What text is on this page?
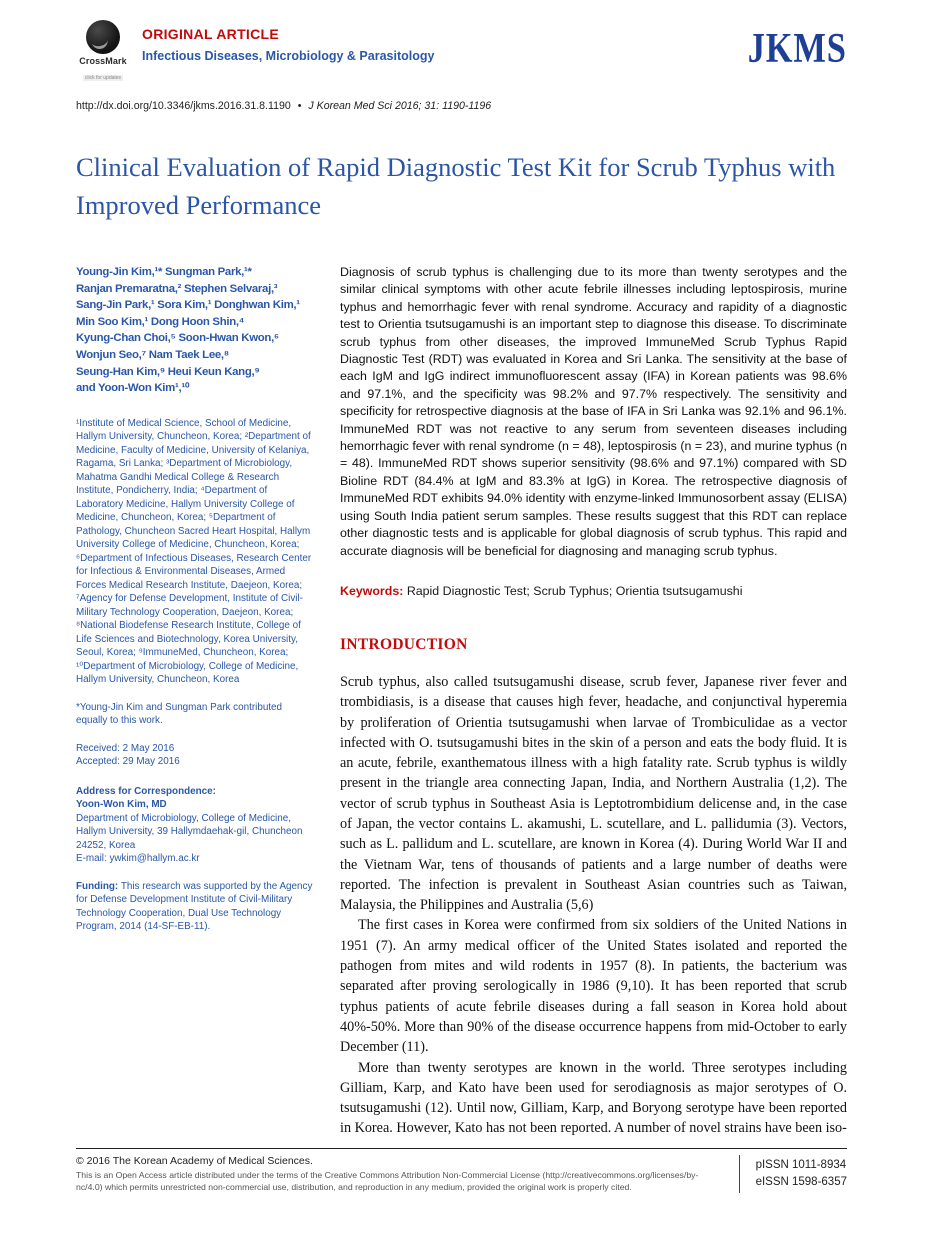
CrossMark
click for updates
ORIGINAL ARTICLE
Infectious Diseases, Microbiology & Parasitology	JKMS
http://dx.doi.org/10.3346/jkms.2016.31.8.1190 • J Korean Med Sci 2016; 31: 1190-1196
Clinical Evaluation of Rapid Diagnostic Test Kit for Scrub Typhus with Improved Performance
Young-Jin Kim,¹* Sungman Park,¹*
Ranjan Premaratna,² Stephen Selvaraj,³
Sang-Jin Park,¹ Sora Kim,¹ Donghwan Kim,¹
Min Soo Kim,¹ Dong Hoon Shin,⁴
Kyung-Chan Choi,⁵ Soon-Hwan Kwon,⁶
Wonjun Seo,⁷ Nam Taek Lee,⁸
Seung-Han Kim,⁹ Heui Keun Kang,⁹
and Yoon-Won Kim¹,¹⁰
¹Institute of Medical Science, School of Medicine, Hallym University, Chuncheon, Korea; ²Department of Medicine, Faculty of Medicine, University of Kelaniya, Ragama, Sri Lanka; ³Department of Microbiology, Mahatma Gandhi Medical College & Research Institute, Pondicherry, India; ⁴Department of Laboratory Medicine, Hallym University College of Medicine, Chuncheon, Korea; ⁵Department of Pathology, Chuncheon Sacred Heart Hospital, Hallym University College of Medicine, Chuncheon, Korea; ⁶Department of Infectious Diseases, Research Center for Infectious & Environmental Diseases, Armed Forces Medical Research Institute, Daejeon, Korea; ⁷Agency for Defense Development, Institute of Civil-Military Technology Cooperation, Daejeon, Korea; ⁸National Biodefense Research Institute, College of Life Sciences and Biotechnology, Korea University, Seoul, Korea; ⁹ImmuneMed, Chuncheon, Korea; ¹⁰Department of Microbiology, College of Medicine, Hallym University, Chuncheon, Korea
*Young-Jin Kim and Sungman Park contributed equally to this work.
Received: 2 May 2016
Accepted: 29 May 2016
Address for Correspondence:
Yoon-Won Kim, MD
Department of Microbiology, College of Medicine, Hallym University, 39 Hallymdaehak-gil, Chuncheon 24252, Korea
E-mail: ywkim@hallym.ac.kr
Funding: This research was supported by the Agency for Defense Development Institute of Civil-Military Technology Cooperation, Dual Use Technology Program, 2014 (14-SF-EB-11).

Diagnosis of scrub typhus is challenging due to its more than twenty serotypes and the similar clinical symptoms with other acute febrile illnesses including leptospirosis, murine typhus and hemorrhagic fever with renal syndrome. Accuracy and rapidity of a diagnostic test to Orientia tsutsugamushi is an important step to diagnose this disease. To discriminate scrub typhus from other diseases, the improved ImmuneMed Scrub Typhus Rapid Diagnostic Test (RDT) was evaluated in Korea and Sri Lanka. The sensitivity at the base of each IgM and IgG indirect immunofluorescent assay (IFA) in Korean patients was 98.6% and 97.1%, and the specificity was 98.2% and 97.7% respectively. The sensitivity and specificity for retrospective diagnosis at the base of IFA in Sri Lanka was 92.1% and 96.1%. ImmuneMed RDT was not reactive to any serum from seventeen diseases including hemorrhagic fever with renal syndrome (n = 48), leptospirosis (n = 23), and murine typhus (n = 48). ImmuneMed RDT shows superior sensitivity (98.6% and 97.1%) compared with SD Bioline RDT (84.4% at IgM and 83.3% at IgG) in Korea. The retrospective diagnosis of ImmuneMed RDT exhibits 94.0% identity with enzyme-linked Immunosorbent assay (ELISA) using South India patient serum samples. These results suggest that this RDT can replace other diagnostic tests and is applicable for global diagnosis of scrub typhus. This rapid and accurate diagnosis will be beneficial for diagnosing and managing scrub typhus.

Keywords: Rapid Diagnostic Test; Scrub Typhus; Orientia tsutsugamushi

INTRODUCTION

Scrub typhus, also called tsutsugamushi disease, scrub fever, Japanese river fever and trombidiasis, is a disease that causes high fever, headache, and conjunctival hyperemia by proliferation of Orientia tsutsugamushi when larvae of Trombiculidae as a vector infected with O. tsutsugamushi bites in the skin of a person and eats the body fluid. It is an acute, febrile, exanthematous illness with a high fatality rate. Scrub typhus is wildly present in the triangle area connecting Japan, India, and Northern Australia (1,2). The vector of scrub typhus in Southeast Asia is Leptotrombidium delicense and, in the case of Japan, the vector contains L. akamushi, L. scutellare, and L. pallidumia (3). Vectors, such as L. pallidum and L. scutellare, are known in Korea (4). During World War II and the Vietnam War, tens of thousands of patients and a large number of deaths were reported. The infection is prevalent in Southeast Asian countries such as Taiwan, Malaysia, the Philippines and Australia (5,6)

The first cases in Korea were confirmed from six soldiers of the United Nations in 1951 (7). An army medical officer of the United States isolated and reported the pathogen from mites and wild rodents in 1957 (8). In patients, the bacterium was separated after proving serologically in 1986 (9,10). It has been reported that scrub typhus patients of acute febrile diseases during a fall season in Korea hold about 40%-50%. More than 90% of the disease occurrence happens from mid-October to early December (11).

More than twenty serotypes are known in the world. Three serotypes including Gilliam, Karp, and Kato have been used for serodiagnosis as major serotypes of O. tsutsugamushi (12). Until now, Gilliam, Karp, and Boryong serotype have been reported in Korea. However, Kato has not been reported. A number of novel strains have been iso-

© 2016 The Korean Academy of Medical Sciences.
This is an Open Access article distributed under the terms of the Creative Commons Attribution Non-Commercial License (http://creativecommons.org/licenses/by-nc/4.0) which permits unrestricted non-commercial use, distribution, and reproduction in any medium, provided the original work is properly cited.
pISSN 1011-8934
eISSN 1598-6357
